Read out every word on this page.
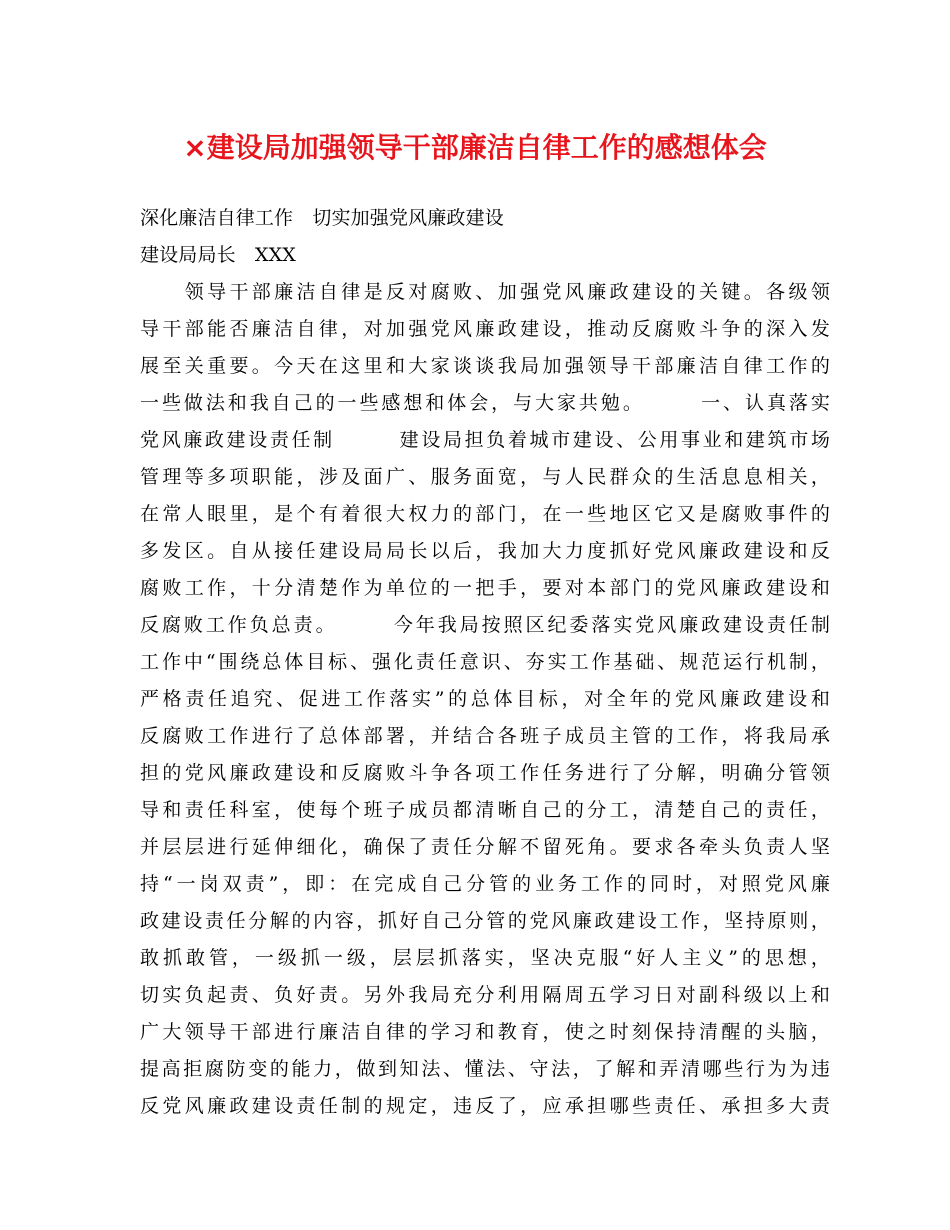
×建设局加强领导干部廉洁自律工作的感想体会
深化廉洁自律工作　切实加强党风廉政建设
建设局局长　XXX
　　领导干部廉洁自律是反对腐败、加强党风廉政建设的关键。各级领
导干部能否廉洁自律，对加强党风廉政建设，推动反腐败斗争的深入发
展至关重要。今天在这里和大家谈谈我局加强领导干部廉洁自律工作的
一些做法和我自己的一些感想和体会，与大家共勉。　　　一、认真落实
党风廉政建设责任制　　　建设局担负着城市建设、公用事业和建筑市场
管理等多项职能，涉及面广、服务面宽，与人民群众的生活息息相关，
在常人眼里，是个有着很大权力的部门，在一些地区它又是腐败事件的
多发区。自从接任建设局局长以后，我加大力度抓好党风廉政建设和反
腐败工作，十分清楚作为单位的一把手，要对本部门的党风廉政建设和
反腐败工作负总责。　　　今年我局按照区纪委落实党风廉政建设责任制
工作中“围绕总体目标、强化责任意识、夯实工作基础、规范运行机制，
严格责任追究、促进工作落实”的总体目标，对全年的党风廉政建设和
反腐败工作进行了总体部署，并结合各班子成员主管的工作，将我局承
担的党风廉政建设和反腐败斗争各项工作任务进行了分解，明确分管领
导和责任科室，使每个班子成员都清晰自己的分工，清楚自己的责任，
并层层进行延伸细化，确保了责任分解不留死角。要求各牵头负责人坚
持“一岗双责”，即：在完成自己分管的业务工作的同时，对照党风廉
政建设责任分解的内容，抓好自己分管的党风廉政建设工作，坚持原则，
敢抓敢管，一级抓一级，层层抓落实，坚决克服“好人主义”的思想，
切实负起责、负好责。另外我局充分利用隔周五学习日对副科级以上和
广大领导干部进行廉洁自律的学习和教育，使之时刻保持清醒的头脑，
提高拒腐防变的能力，做到知法、懂法、守法，了解和弄清哪些行为为违
反党风廉政建设责任制的规定，违反了，应承担哪些责任、承担多大责
